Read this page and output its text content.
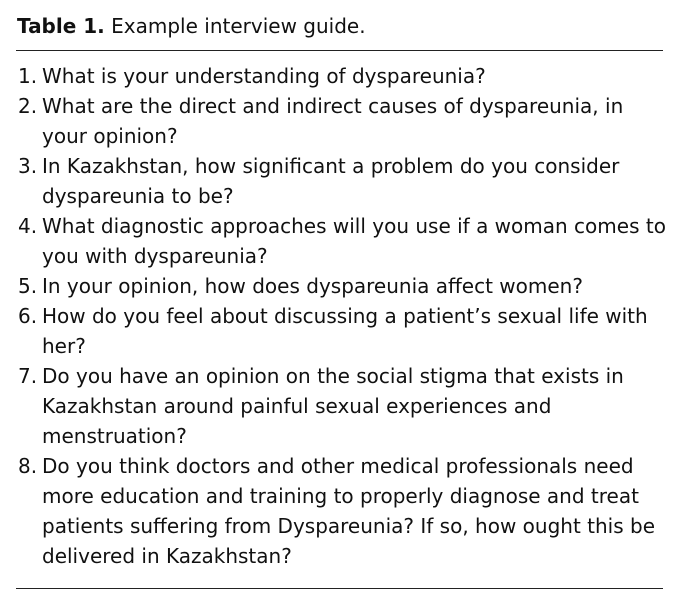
Table 1. Example interview guide.
1. What is your understanding of dyspareunia?
2. What are the direct and indirect causes of dyspareunia, in your opinion?
3. In Kazakhstan, how significant a problem do you consider dyspareunia to be?
4. What diagnostic approaches will you use if a woman comes to you with dyspareunia?
5. In your opinion, how does dyspareunia affect women?
6. How do you feel about discussing a patient’s sexual life with her?
7. Do you have an opinion on the social stigma that exists in Kazakhstan around painful sexual experiences and menstruation?
8. Do you think doctors and other medical professionals need more education and training to properly diagnose and treat patients suffering from Dyspareunia? If so, how ought this be delivered in Kazakhstan?
